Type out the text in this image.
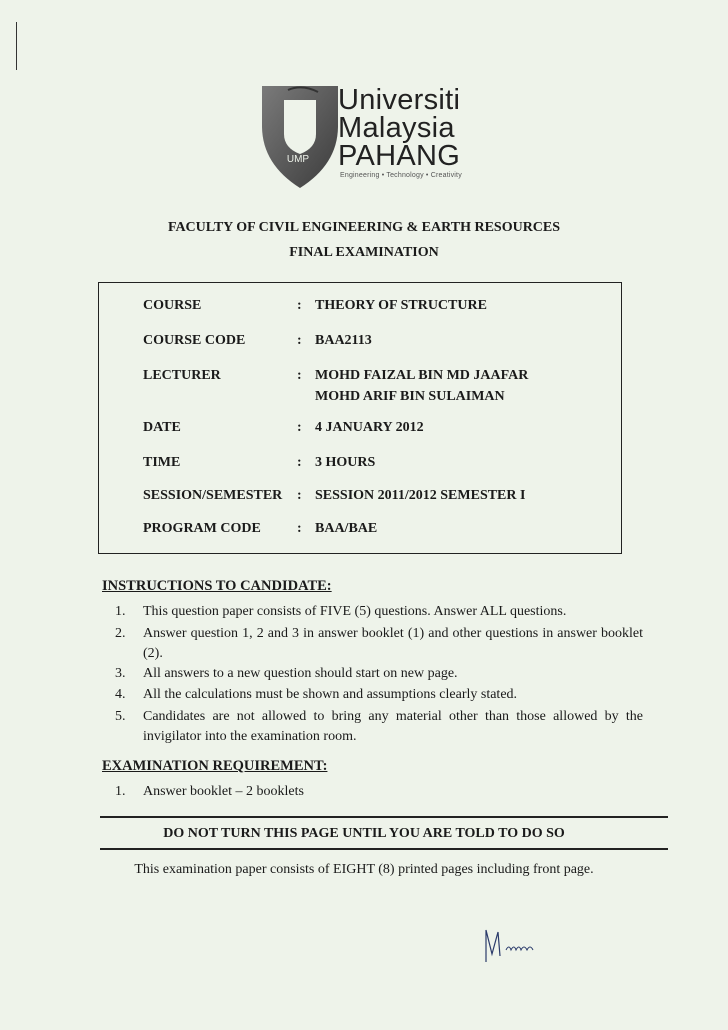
UMP
Universiti
Malaysia
PAHANG
Engineering • Technology • Creativity
FACULTY OF CIVIL ENGINEERING & EARTH RESOURCES
FINAL EXAMINATION
COURSE	: THEORY OF STRUCTURE
COURSE CODE	: BAA2113
LECTURER	: MOHD FAIZAL BIN MD JAAFAR
MOHD ARIF BIN SULAIMAN
DATE	: 4 JANUARY 2012
TIME	: 3 HOURS
SESSION/SEMESTER : SESSION 2011/2012 SEMESTER I
PROGRAM CODE	: BAA/BAE
INSTRUCTIONS TO CANDIDATE:
1. This question paper consists of FIVE (5) questions. Answer ALL questions.
2. Answer question 1, 2 and 3 in answer booklet (1) and other questions in answer booklet (2).
3. All answers to a new question should start on new page.
4. All the calculations must be shown and assumptions clearly stated.
5. Candidates are not allowed to bring any material other than those allowed by the invigilator into the examination room.
EXAMINATION REQUIREMENT:
1. Answer booklet – 2 booklets
DO NOT TURN THIS PAGE UNTIL YOU ARE TOLD TO DO SO
This examination paper consists of EIGHT (8) printed pages including front page.
